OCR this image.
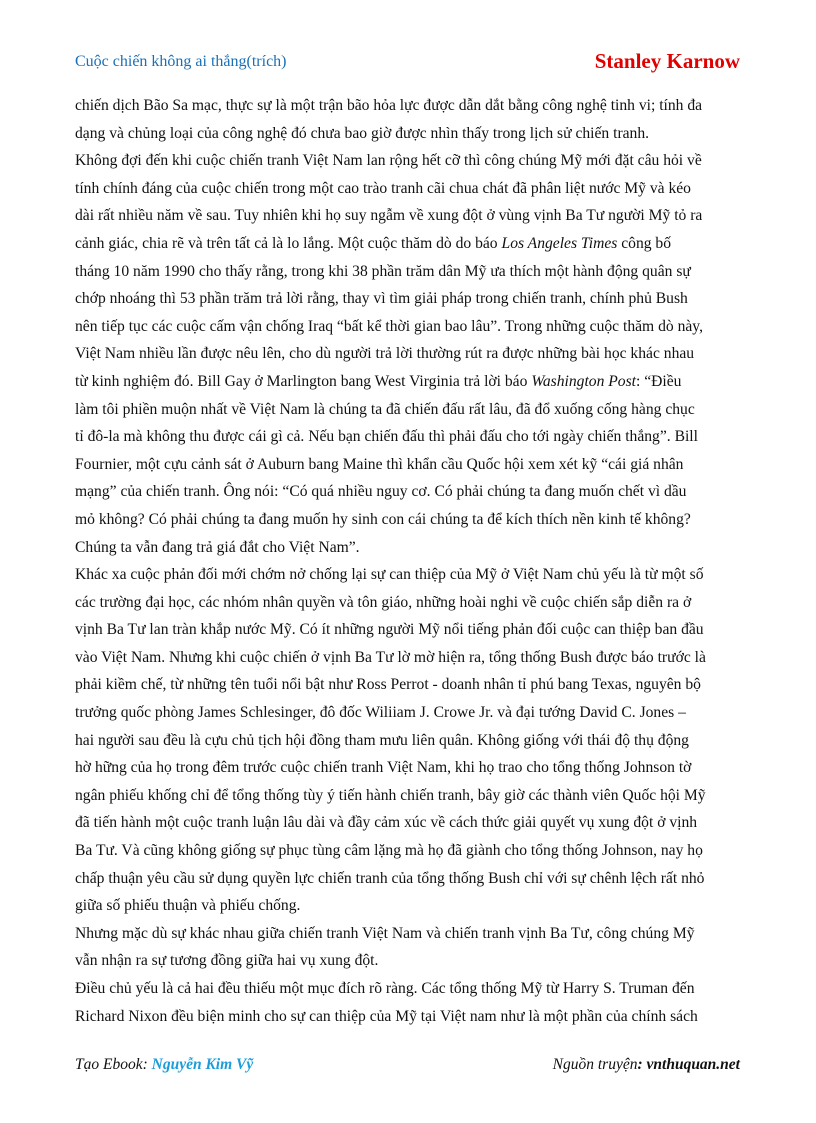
Cuộc chiến không ai thắng(trích)	Stanley Karnow
chiến dịch Bão Sa mạc, thực sự là một trận bão hỏa lực được dẫn dắt bằng công nghệ tinh vi; tính đa
dạng và chủng loại của công nghệ đó chưa bao giờ được nhìn thấy trong lịch sử chiến tranh.
Không đợi đến khi cuộc chiến tranh Việt Nam lan rộng hết cỡ thì công chúng Mỹ mới đặt câu hỏi về
tính chính đáng của cuộc chiến trong một cao trào tranh cãi chua chát đã phân liệt nước Mỹ và kéo
dài rất nhiều năm về sau. Tuy nhiên khi họ suy ngẫm về xung đột ở vùng vịnh Ba Tư người Mỹ tỏ ra
cảnh giác, chia rẽ và trên tất cả là lo lắng. Một cuộc thăm dò do báo Los Angeles Times công bố
tháng 10 năm 1990 cho thấy rằng, trong khi 38 phần trăm dân Mỹ ưa thích một hành động quân sự
chớp nhoáng thì 53 phần trăm trả lời rằng, thay vì tìm giải pháp trong chiến tranh, chính phủ Bush
nên tiếp tục các cuộc cấm vận chống Iraq “bất kể thời gian bao lâu”. Trong những cuộc thăm dò này,
Việt Nam nhiều lần được nêu lên, cho dù người trả lời thường rút ra được những bài học khác nhau
từ kinh nghiệm đó. Bill Gay ở Marlington bang West Virginia trả lời báo Washington Post: “Điều
làm tôi phiền muộn nhất về Việt Nam là chúng ta đã chiến đấu rất lâu, đã đổ xuống cống hàng chục
tỉ đô-la mà không thu được cái gì cả. Nếu bạn chiến đấu thì phải đấu cho tới ngày chiến thắng”. Bill
Fournier, một cựu cảnh sát ở Auburn bang Maine thì khẩn cầu Quốc hội xem xét kỹ “cái giá nhân
mạng” của chiến tranh. Ông nói: “Có quá nhiều nguy cơ. Có phải chúng ta đang muốn chết vì dầu
mỏ không? Có phải chúng ta đang muốn hy sinh con cái chúng ta để kích thích nền kinh tế không?
Chúng ta vẫn đang trả giá đắt cho Việt Nam”.
Khác xa cuộc phản đối mới chớm nở chống lại sự can thiệp của Mỹ ở Việt Nam chủ yếu là từ một số
các trường đại học, các nhóm nhân quyền và tôn giáo, những hoài nghi về cuộc chiến sắp diễn ra ở
vịnh Ba Tư lan tràn khắp nước Mỹ. Có ít những người Mỹ nổi tiếng phản đối cuộc can thiệp ban đầu
vào Việt Nam. Nhưng khi cuộc chiến ở vịnh Ba Tư lờ mờ hiện ra, tổng thống Bush được báo trước là
phải kiềm chế, từ những tên tuổi nổi bật như Ross Perrot - doanh nhân tỉ phú bang Texas, nguyên bộ
trưởng quốc phòng James Schlesinger, đô đốc Wiliiam J. Crowe Jr. và đại tướng David C. Jones –
hai người sau đều là cựu chủ tịch hội đồng tham mưu liên quân. Không giống với thái độ thụ động
hờ hững của họ trong đêm trước cuộc chiến tranh Việt Nam, khi họ trao cho tổng thống Johnson tờ
ngân phiếu khống chỉ để tổng thống tùy ý tiến hành chiến tranh, bây giờ các thành viên Quốc hội Mỹ
đã tiến hành một cuộc tranh luận lâu dài và đầy cảm xúc về cách thức giải quyết vụ xung đột ở vịnh
Ba Tư. Và cũng không giống sự phục tùng câm lặng mà họ đã giành cho tổng thống Johnson, nay họ
chấp thuận yêu cầu sử dụng quyền lực chiến tranh của tổng thống Bush chỉ với sự chênh lệch rất nhỏ
giữa số phiếu thuận và phiếu chống.
Nhưng mặc dù sự khác nhau giữa chiến tranh Việt Nam và chiến tranh vịnh Ba Tư, công chúng Mỹ
vẫn nhận ra sự tương đồng giữa hai vụ xung đột.
Điều chủ yếu là cả hai đều thiếu một mục đích rõ ràng. Các tổng thống Mỹ từ Harry S. Truman đến
Richard Nixon đều biện minh cho sự can thiệp của Mỹ tại Việt nam như là một phần của chính sách
Tạo Ebook: Nguyễn Kim Vỹ	Nguồn truyện: vnthuquan.net
